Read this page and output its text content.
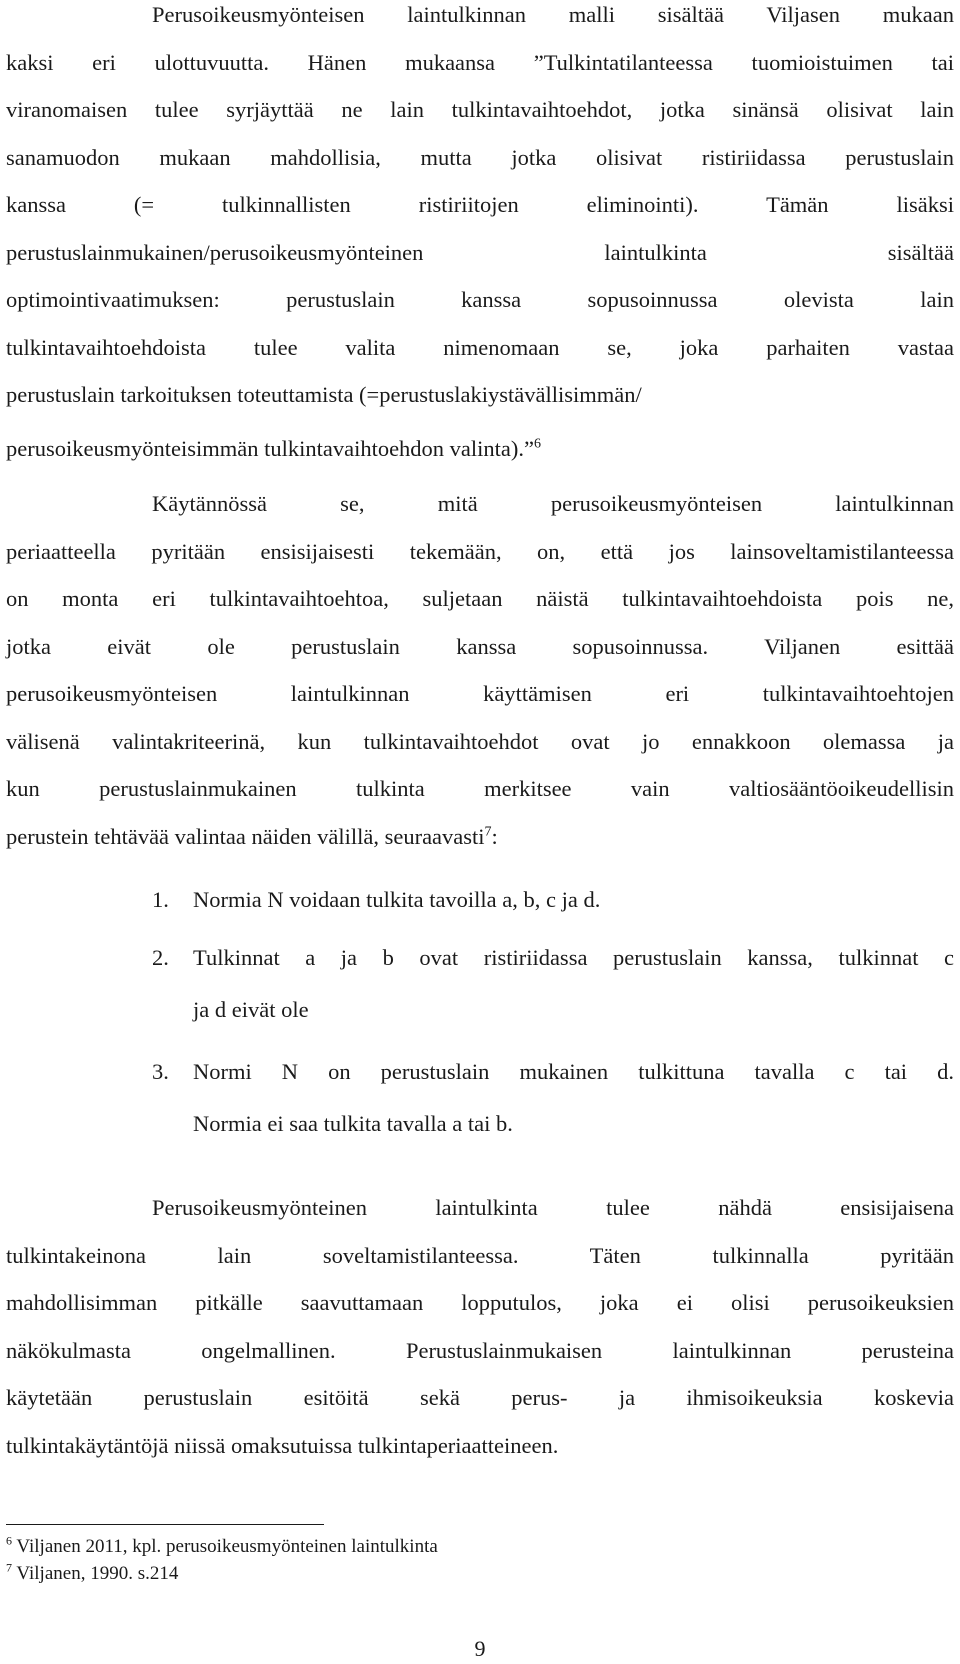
Perusoikeusmyönteisen laintulkinnan malli sisältää Viljasen mukaan
kaksi eri ulottuvuutta. Hänen mukaansa ”Tulkintatilanteessa tuomioistuimen tai
viranomaisen tulee syrjäyttää ne lain tulkintavaihtoehdot, jotka sinänsä olisivat lain
sanamuodon mukaan mahdollisia, mutta jotka olisivat ristiriidassa perustuslain
kanssa (= tulkinnallisten ristiriitojen eliminointi). Tämän lisäksi
perustuslainmukainen/perusoikeusmyönteinen laintulkinta sisältää
optimointivaatimuksen: perustuslain kanssa sopusoinnussa olevista lain
tulkintavaihtoehdoista tulee valita nimenomaan se, joka parhaiten vastaa
perustuslain tarkoituksen toteuttamista (=perustuslakiystävällisimmän/
perusoikeusmyönteisimmän tulkintavaihtoehdon valinta).”$^6$

Käytännössä se, mitä perusoikeusmyönteisen laintulkinnan
periaatteella pyritään ensisijaisesti tekemään, on, että jos lainsoveltamistilanteessa
on monta eri tulkintavaihtoehtoa, suljetaan näistä tulkintavaihtoehdoista pois ne,
jotka eivät ole perustuslain kanssa sopusoinnussa. Viljanen esittää
perusoikeusmyönteisen laintulkinnan käyttämisen eri tulkintavaihtoehtojen
välisenä valintakriteerinä, kun tulkintavaihtoehdot ovat jo ennakkoon olemassa ja
kun perustuslainmukainen tulkinta merkitsee vain valtiosääntöoikeudellisin
perustein tehtävää valintaa näiden välillä, seuraavasti$^7$:

1. Normia N voidaan tulkita tavoilla a, b, c ja d.
2. Tulkinnat a ja b ovat ristiriidassa perustuslain kanssa, tulkinnat c
ja d eivät ole
3. Normi N on perustuslain mukainen tulkittuna tavalla c tai d.
Normia ei saa tulkita tavalla a tai b.

Perusoikeusmyönteinen laintulkinta tulee nähdä ensisijaisena
tulkintakeinona lain soveltamistilanteessa. Täten tulkinnalla pyritään
mahdollisimman pitkälle saavuttamaan lopputulos, joka ei olisi perusoikeuksien
näkökulmasta ongelmallinen. Perustuslainmukaisen laintulkinnan perusteina
käytetään perustuslain esitöitä sekä perus- ja ihmisoikeuksia koskevia
tulkintakäytäntöjä niissä omaksutuissa tulkintaperiaatteineen.

$^6$ Viljanen 2011, kpl. perusoikeusmyönteinen laintulkinta
$^7$ Viljanen, 1990. s.214
9
